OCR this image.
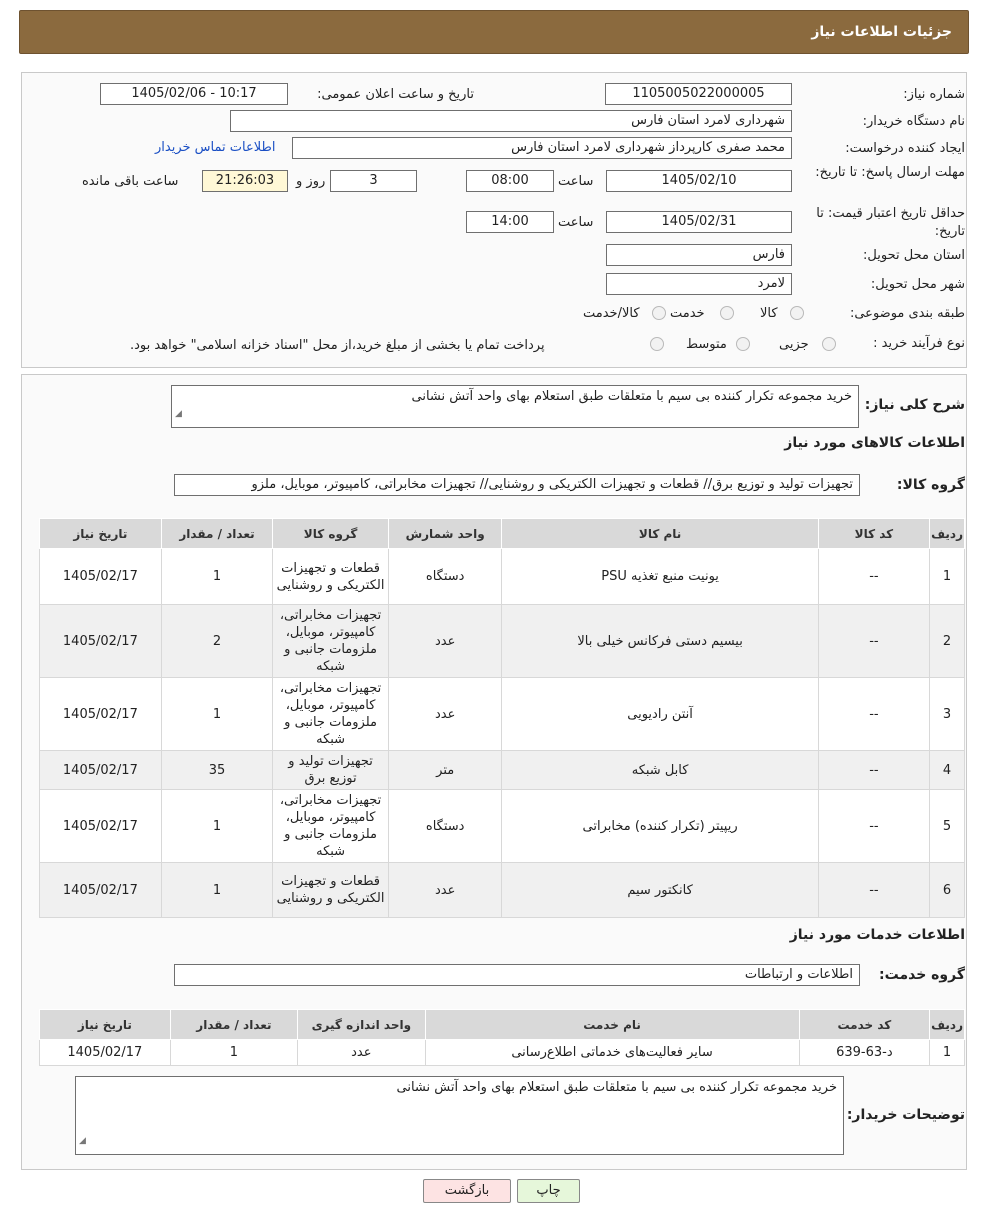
جزئیات اطلاعات نیاز
شماره نیاز:
1105005022000005
تاریخ و ساعت اعلان عمومی:
1405/02/06 - 10:17
نام دستگاه خریدار:
شهرداری لامرد استان فارس
ایجاد کننده درخواست:
محمد صفری کارپرداز شهرداری لامرد استان فارس
اطلاعات تماس خریدار
مهلت ارسال پاسخ: تا تاریخ:
1405/02/10
ساعت
08:00
3
روز و
21:26:03
ساعت باقی مانده
حداقل تاریخ اعتبار قیمت: تا تاریخ:
1405/02/31
ساعت
14:00
استان محل تحویل:
فارس
شهر محل تحویل:
لامرد
طبقه بندی موضوعی:
کالا
خدمت
کالا/خدمت
نوع فرآیند خرید :
جزیی
متوسط
پرداخت تمام یا بخشی از مبلغ خرید،از محل "اسناد خزانه اسلامی" خواهد بود.
شرح کلی نیاز:
خرید مجموعه تکرار کننده بی سیم با متعلقات طبق استعلام بهای واحد آتش نشانی
◢
اطلاعات کالاهای مورد نیاز
گروه کالا:
تجهیزات تولید و توزیع برق// قطعات و تجهیزات الکتریکی و روشنایی// تجهیزات مخابراتی، کامپیوتر، موبایل، ملزو
ردیف	کد کالا	نام کالا	واحد شمارش	گروه کالا	تعداد / مقدار	تاریخ نیاز
1	--	یونیت منبع تغذیه PSU	دستگاه	قطعات و تجهیزات الکتریکی و روشنایی	1	1405/02/17
2	--	بیسیم دستی فرکانس خیلی بالا	عدد	تجهیزات مخابراتی، کامپیوتر، موبایل، ملزومات جانبی و شبکه	2	1405/02/17
3	--	آنتن رادیویی	عدد	تجهیزات مخابراتی، کامپیوتر، موبایل، ملزومات جانبی و شبکه	1	1405/02/17
4	--	کابل شبکه	متر	تجهیزات تولید و توزیع برق	35	1405/02/17
5	--	ریپیتر (تکرار کننده) مخابراتی	دستگاه	تجهیزات مخابراتی، کامپیوتر، موبایل، ملزومات جانبی و شبکه	1	1405/02/17
6	--	کانکتور سیم	عدد	قطعات و تجهیزات الکتریکی و روشنایی	1	1405/02/17
اطلاعات خدمات مورد نیاز
گروه خدمت:
اطلاعات و ارتباطات
ردیف	کد خدمت	نام خدمت	واحد اندازه گیری	تعداد / مقدار	تاریخ نیاز
1	د-63-639	سایر فعالیت‌های خدماتی اطلاع‌رسانی	عدد	1	1405/02/17
توضیحات خریدار:
خرید مجموعه تکرار کننده بی سیم با متعلقات طبق استعلام بهای واحد آتش نشانی
◢
چاپ
بازگشت
